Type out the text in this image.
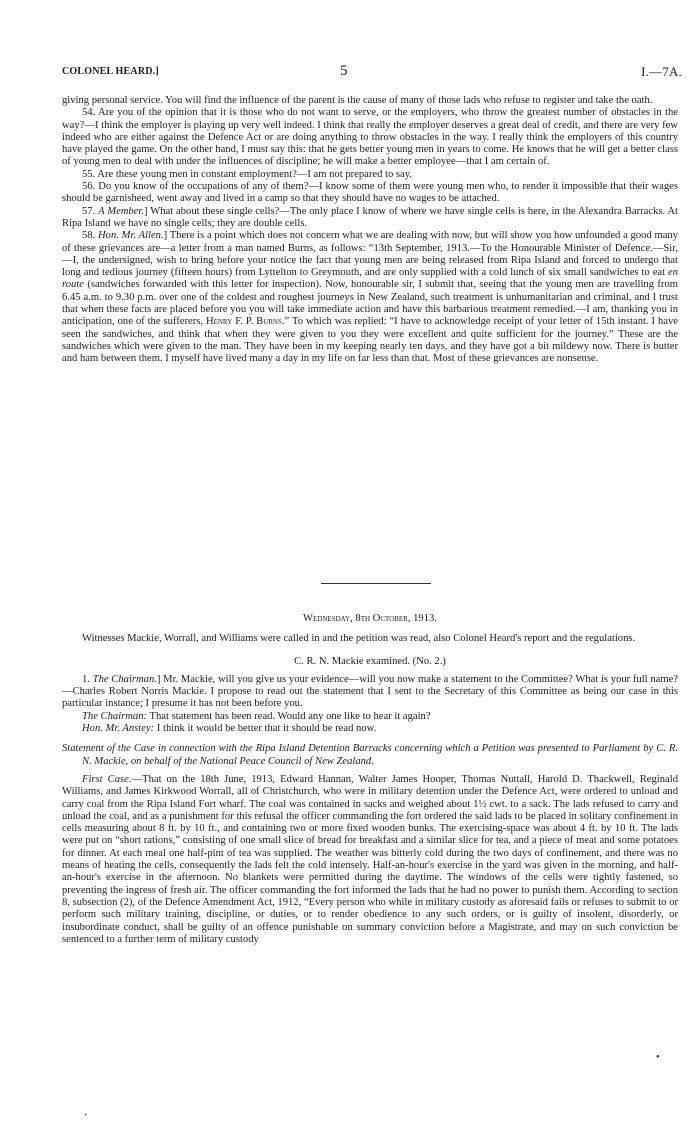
COLONEL HEARD.]	5	I.—7A.

giving personal service. You will find the influence of the parent is the cause of many of those lads who refuse to register and take the oath.

54. Are you of the opinion that it is those who do not want to serve, or the employers, who throw the greatest number of obstacles in the way?—I think the employer is playing up very well indeed. I think that really the employer deserves a great deal of credit, and there are very few indeed who are either against the Defence Act or are doing anything to throw obstacles in the way. I really think the employers of this country have played the game. On the other hand, I must say this: that he gets better young men in years to come. He knows that he will get a better class of young men to deal with under the influences of discipline; he will make a better employee—that I am certain of.

55. Are these young men in constant employment?—I am not prepared to say.

56. Do you know of the occupations of any of them?—I know some of them were young men who, to render it impossible that their wages should be garnisheed, went away and lived in a camp so that they should have no wages to be attached.

57. A Member.] What about these single cells?—The only place I know of where we have single cells is here, in the Alexandra Barracks. At Ripa Island we have no single cells; they are double cells.

58. Hon. Mr. Allen.] There is a point which does not concern what we are dealing with now, but will show you how unfounded a good many of these grievances are—a letter from a man named Burns, as follows: “13th September, 1913.—To the Honourable Minister of Defence.—Sir,—I, the undersigned, wish to bring before your notice the fact that young men are being released from Ripa Island and forced to undergo that long and tedious journey (fifteen hours) from Lyttelton to Greymouth, and are only supplied with a cold lunch of six small sandwiches to eat en route (sandwiches forwarded with this letter for inspection). Now, honourable sir, I submit that, seeing that the young men are travelling from 6.45 a.m. to 9.30 p.m. over one of the coldest and roughest journeys in New Zealand, such treatment is unhumanitarian and criminal, and I trust that when these facts are placed before you you will take immediate action and have this barbarious treatment remedied.—I am, thanking you in anticipation, one of the sufferers, Henry F. P. Burns.” To which was replied: “I have to acknowledge receipt of your letter of 15th instant. I have seen the sandwiches, and think that when they were given to you they were excellent and quite sufficient for the journey.” These are the sandwiches which were given to the man. They have been in my keeping nearly ten days, and they have got a bit mildewy now. There is butter and ham between them. I myself have lived many a day in my life on far less than that. Most of these grievances are nonsense.

Wednesday, 8th October, 1913.

Witnesses Mackie, Worrall, and Williams were called in and the petition was read, also Colonel Heard's report and the regulations.

C. R. N. Mackie examined. (No. 2.)

1. The Chairman.] Mr. Mackie, will you give us your evidence—will you now make a statement to the Committee? What is your full name?—Charles Robert Norris Mackie. I propose to read out the statement that I sent to the Secretary of this Committee as being our case in this particular instance; I presume it has not been before you.

The Chairman: That statement has been read. Would any one like to hear it again?

Hon. Mr. Anstey: I think it would be better that it should be read now.

Statement of the Case in connection with the Ripa Island Detention Barracks concerning which a Petition was presented to Parliament by C. R. N. Mackie, on behalf of the National Peace Council of New Zealand.

First Case.—That on the 18th June, 1913, Edward Hannan, Walter James Hooper, Thomas Nuttall, Harold D. Thackwell, Reginald Williams, and James Kirkwood Worrall, all of Christchurch, who were in military detention under the Defence Act, were ordered to unload and carry coal from the Ripa Island Fort wharf. The coal was contained in sacks and weighed about 1½ cwt. to a sack. The lads refused to carry and unload the coal, and as a punishment for this refusal the officer commanding the fort ordered the said lads to be placed in solitary confinement in cells measuring about 8 ft. by 10 ft., and containing two or more fixed wooden bunks. The exercising-space was about 4 ft. by 10 ft. The lads were put on “short rations,” consisting of one small slice of bread for breakfast and a similar slice for tea, and a piece of meat and some potatoes for dinner. At each meal one half-pint of tea was supplied. The weather was bitterly cold during the two days of confinement, and there was no means of heating the cells, consequently the lads felt the cold intensely. Half-an-hour's exercise in the yard was given in the morning, and half-an-hour's exercise in the afternoon. No blankets were permitted during the daytime. The windows of the cells were tightly fastened, so preventing the ingress of fresh air. The officer commanding the fort informed the lads that he had no power to punish them. According to section 8, subsection (2), of the Defence Amendment Act, 1912, “Every person who while in military custody as aforesaid fails or refuses to submit to or perform such military training, discipline, or duties, or to render obedience to any such orders, or is guilty of insolent, disorderly, or insubordinate conduct, shall be guilty of an offence punishable on summary conviction before a Magistrate, and may on such conviction be sentenced to a further term of military custody

•
·
